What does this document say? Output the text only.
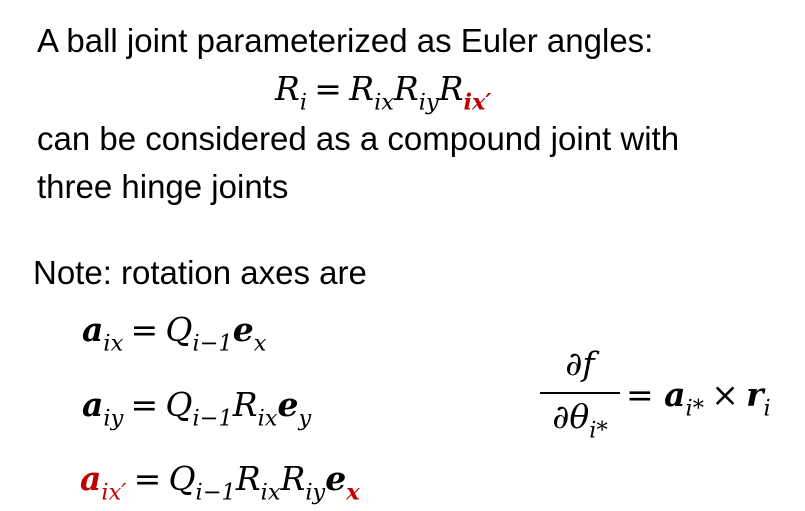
A ball joint parameterized as Euler angles:
$R_i = R_{ix}R_{iy}R_{ix'}$
can be considered as a compound joint with
three hinge joints
Note: rotation axes are
$a_{ix} = Q_{i-1}e_x$
$a_{iy} = Q_{i-1}R_{ix}e_y$
$a_{ix'} = Q_{i-1}R_{ix}R_{iy}e_x$
∂f
$\partial\theta_{i*}$
= $a_{i*} \times r_i$
